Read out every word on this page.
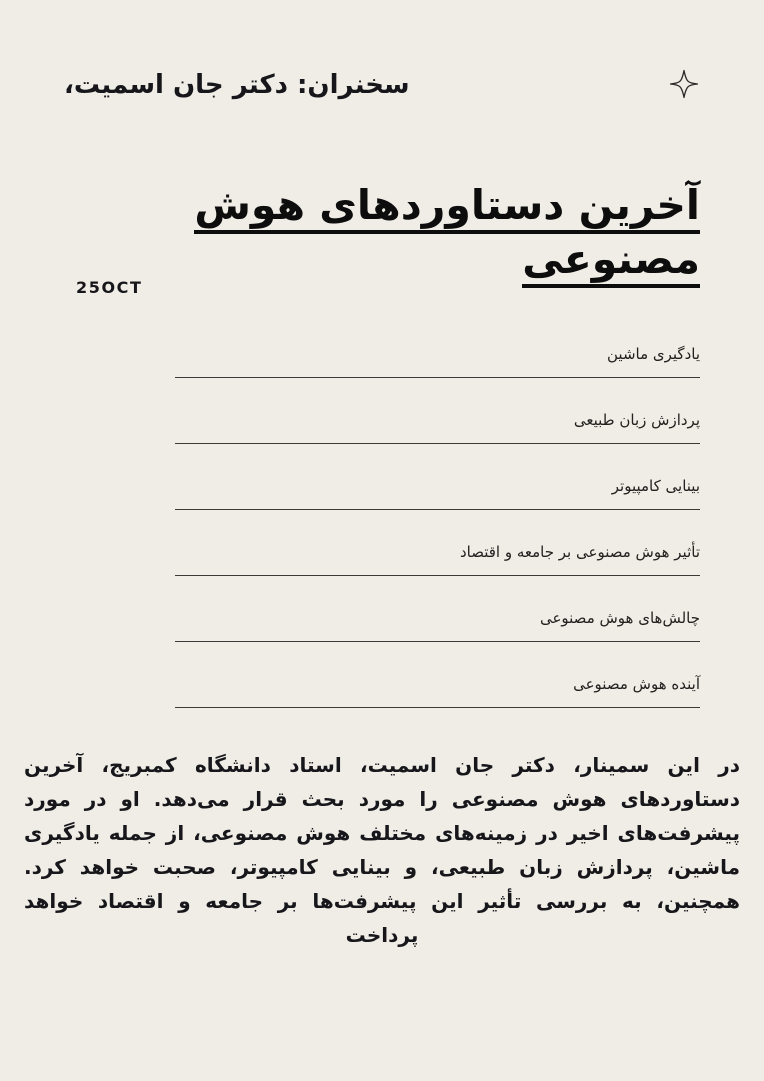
سخنران: دکتر جان اسمیت،
آخرین دستاوردهای هوش
مصنوعی
25OCT
یادگیری ماشین
پردازش زبان طبیعی
بینایی کامپیوتر
تأثیر هوش مصنوعی بر جامعه و اقتصاد
چالش‌های هوش مصنوعی
آینده هوش مصنوعی

در این سمینار، دکتر جان اسمیت، استاد دانشگاه کمبریج، آخرین دستاوردهای هوش مصنوعی را مورد بحث قرار می‌دهد. او در مورد پیشرفت‌های اخیر در زمینه‌های مختلف هوش مصنوعی، از جمله یادگیری ماشین، پردازش زبان طبیعی، و بینایی کامپیوتر، صحبت خواهد کرد. همچنین، به بررسی تأثیر این پیشرفت‌ها بر جامعه و اقتصاد خواهد پرداخت
